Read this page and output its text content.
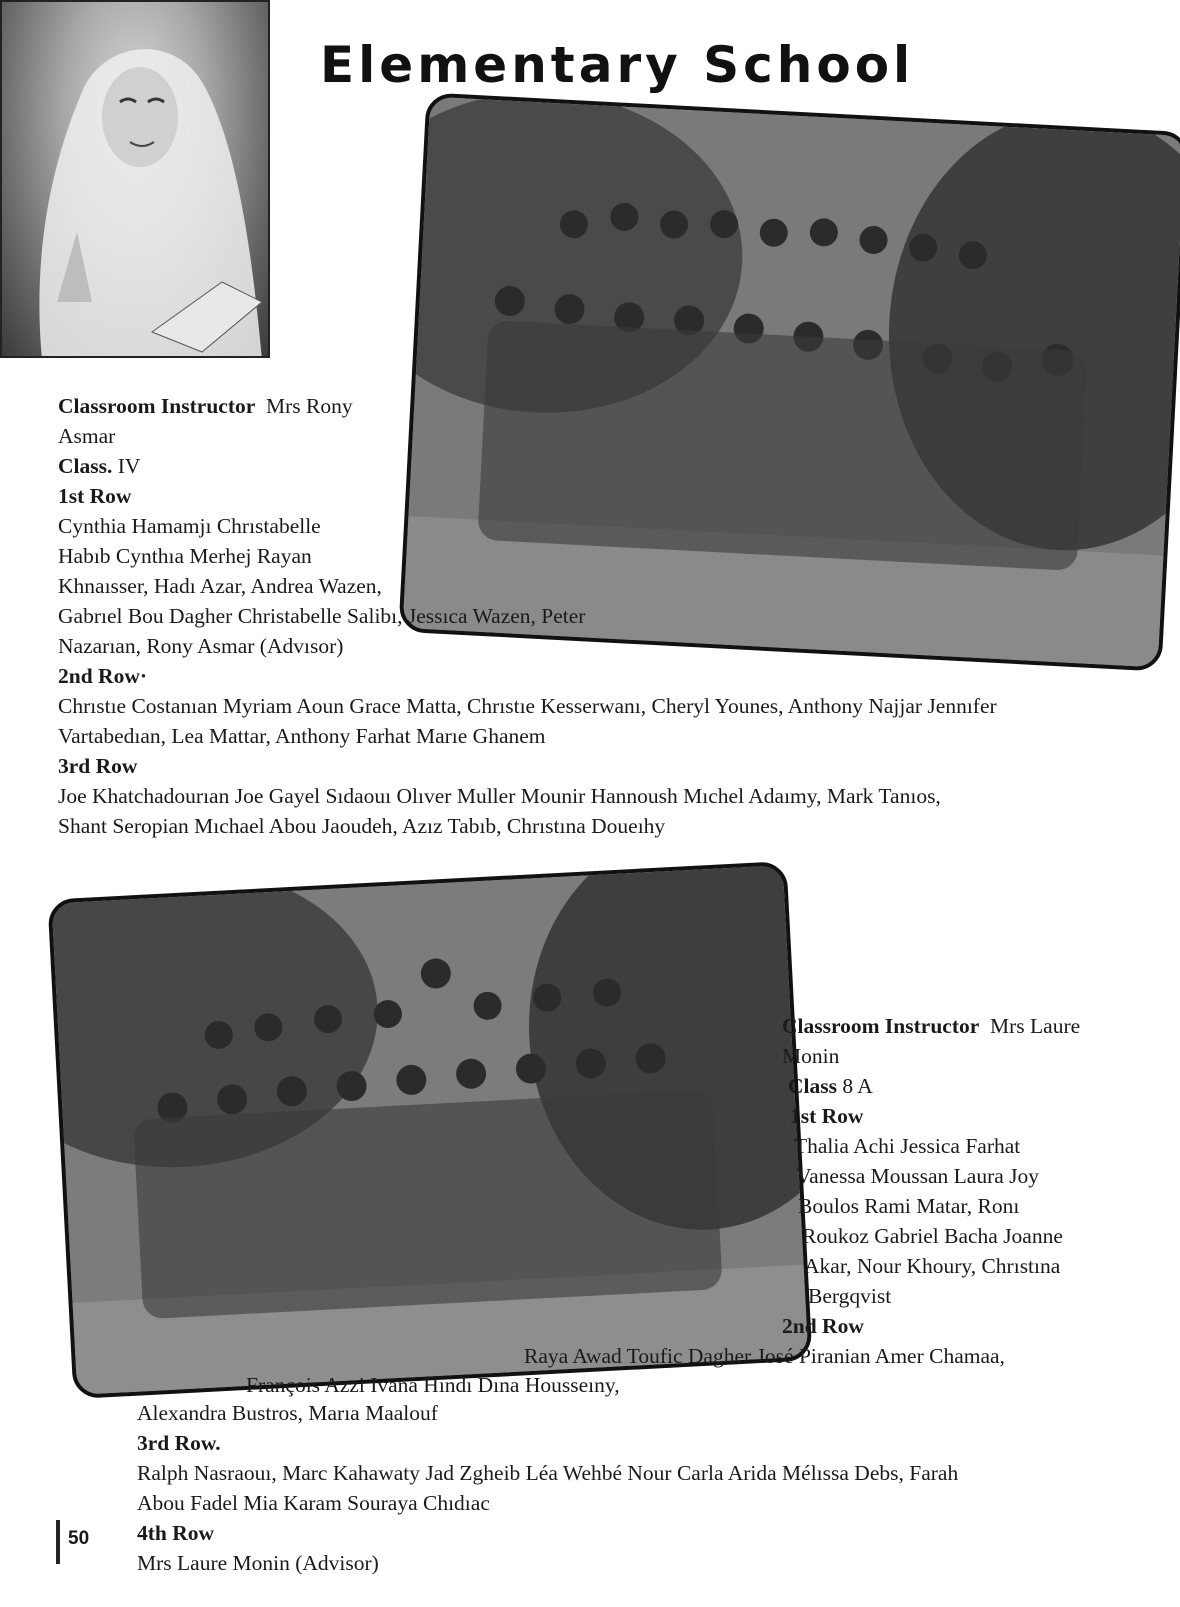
Elementary School
Classroom Instructor Mrs Rony
Asmar
Class. IV
1st Row
Cynthia Hamamjı Chrıstabelle
Habıb Cynthıa Merhej Rayan
Khnaısser, Hadı Azar, Andrea Wazen,
Gabrıel Bou Dagher Christabelle Salibı, Jessıca Wazen, Peter
Nazarıan, Rony Asmar (Advısor)
2nd Row·
Chrıstıe Costanıan Myriam Aoun Grace Matta, Chrıstıe Kesserwanı, Cheryl Younes, Anthony Najjar Jennıfer
Vartabedıan, Lea Mattar, Anthony Farhat Marıe Ghanem
3rd Row
Joe Khatchadourıan Joe Gayel Sıdaouı Olıver Muller Mounir Hannoush Mıchel Adaımy, Mark Tanıos,
Shant Seropian Mıchael Abou Jaoudeh, Azız Tabıb, Chrıstına Doueıhy
Classroom Instructor Mrs Laure
Monin
Class 8 A
1st Row
Thalia Achi Jessica Farhat
Vanessa Moussan Laura Joy
Boulos Rami Matar, Ronı
Roukoz Gabriel Bacha Joanne
Akar, Nour Khoury, Chrıstına
Bergqvist
2nd Row
Raya Awad Toufic Dagher José Piranian Amer Chamaa,
François Azzi Ivana Hındı Dına Housseıny,
Alexandra Bustros, Marıa Maalouf
3rd Row.
Ralph Nasraouı, Marc Kahawaty Jad Zgheib Léa Wehbé Nour Carla Arida Mélıssa Debs, Farah
Abou Fadel Mia Karam Souraya Chıdıac
4th Row
Mrs Laure Monin (Advisor)
50
